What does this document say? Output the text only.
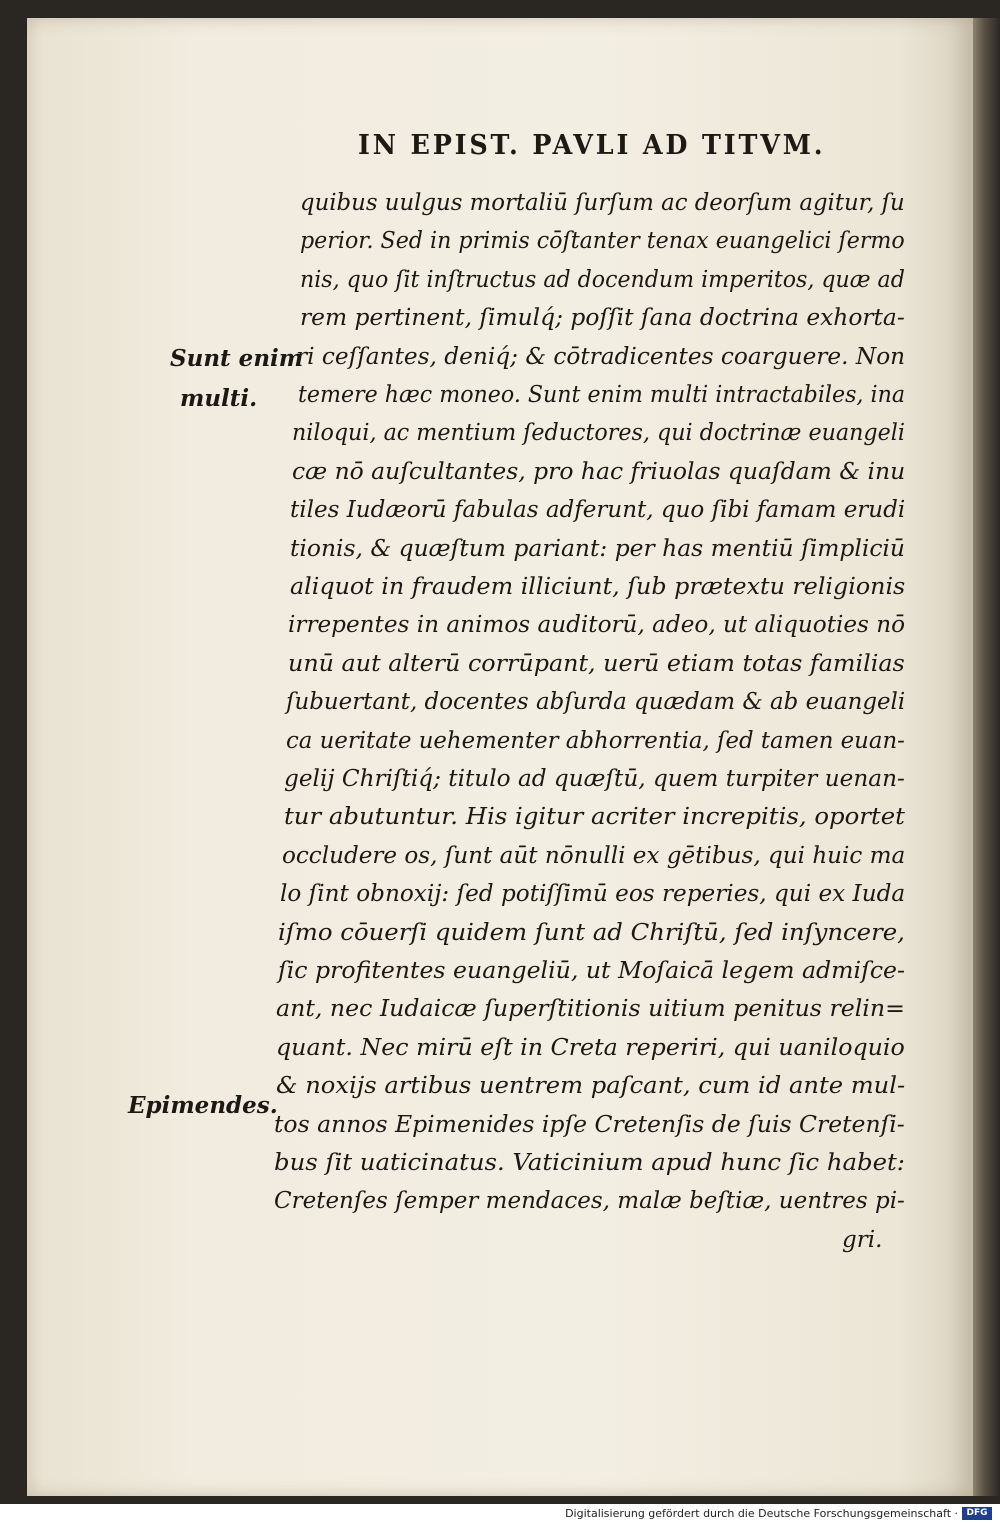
IN EPIST. PAVLI AD TITVM.
Sunt enim
multi.
Epimendes.
quibus uulgus mortaliū ſurſum ac deorſum agitur, ſu
perior. Sed in primis cōſtanter tenax euangelici ſermo
nis, quo ſit inſtructus ad docendum imperitos, quæ ad
rem pertinent, ſimulq́; poſſit ſana doctrina exhorta-
ri ceſſantes, deniq́; & cōtradicentes coarguere. Non
temere hæc moneo. Sunt enim multi intractabiles, ina
niloqui, ac mentium ſeductores, qui doctrinæ euangeli
cæ nō auſcultantes, pro hac friuolas quaſdam & inu
tiles Iudæorū fabulas adferunt, quo ſibi famam erudi
tionis, & quæſtum pariant: per has mentiū ſimpliciū
aliquot in fraudem illiciunt, ſub prætextu religionis
irrepentes in animos auditorū, adeo, ut aliquoties nō
unū aut alterū corrūpant, uerū etiam totas familias
ſubuertant, docentes abſurda quædam & ab euangeli
ca ueritate uehementer abhorrentia, ſed tamen euan-
gelij Chriſtiq́; titulo ad quæſtū, quem turpiter uenan-
tur abutuntur. His igitur acriter increpitis, oportet
occludere os, ſunt aūt nōnulli ex gētibus, qui huic ma
lo ſint obnoxij: ſed potiſſimū eos reperies, qui ex Iuda
iſmo cōuerſi quidem ſunt ad Chriſtū, ſed inſyncere,
ſic profitentes euangeliū, ut Moſaicā legem admiſce-
ant, nec Iudaicæ ſuperſtitionis uitium penitus relin=
quant. Nec mirū eſt in Creta reperiri, qui uaniloquio
& noxijs artibus uentrem paſcant, cum id ante mul-
tos annos Epimenides ipſe Cretenſis de ſuis Cretenſi-
bus ſit uaticinatus. Vaticinium apud hunc ſic habet:
Cretenſes ſemper mendaces, malæ beſtiæ, uentres pi-
gri.
Digitalisierung gefördert durch die Deutsche Forschungsgemeinschaft · DFG
